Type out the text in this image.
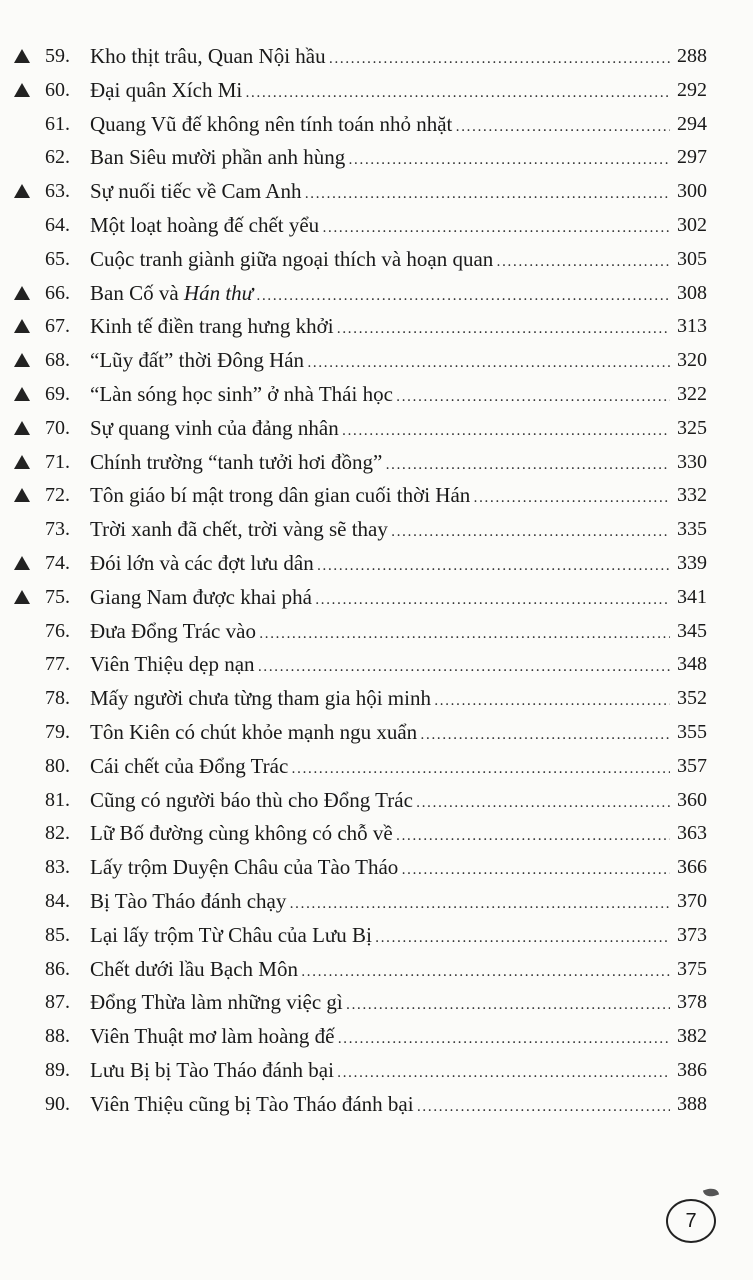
59. Kho thịt trâu, Quan Nội hầu .....	288
60. Đại quân Xích Mi .....	292
61. Quang Vũ đế không nên tính toán nhỏ nhặt .....	294
62. Ban Siêu mười phần anh hùng .....	297
63. Sự nuối tiếc về Cam Anh .....	300
64. Một loạt hoàng đế chết yểu .....	302
65. Cuộc tranh giành giữa ngoại thích và hoạn quan .....	305
66. Ban Cố và Hán thư .....	308
67. Kinh tế điền trang hưng khởi .....	313
68. “Lũy đất” thời Đông Hán .....	320
69. “Làn sóng học sinh” ở nhà Thái học .....	322
70. Sự quang vinh của đảng nhân .....	325
71. Chính trường “tanh tưởi hơi đồng” .....	330
72. Tôn giáo bí mật trong dân gian cuối thời Hán .....	332
73. Trời xanh đã chết, trời vàng sẽ thay .....	335
74. Đói lớn và các đợt lưu dân .....	339
75. Giang Nam được khai phá .....	341
76. Đưa Đổng Trác vào .....	345
77. Viên Thiệu dẹp nạn .....	348
78. Mấy người chưa từng tham gia hội minh .....	352
79. Tôn Kiên có chút khỏe mạnh ngu xuẩn .....	355
80. Cái chết của Đổng Trác .....	357
81. Cũng có người báo thù cho Đổng Trác .....	360
82. Lữ Bố đường cùng không có chỗ về .....	363
83. Lấy trộm Duyện Châu của Tào Tháo .....	366
84. Bị Tào Tháo đánh chạy .....	370
85. Lại lấy trộm Từ Châu của Lưu Bị .....	373
86. Chết dưới lầu Bạch Môn .....	375
87. Đổng Thừa làm những việc gì .....	378
88. Viên Thuật mơ làm hoàng đế .....	382
89. Lưu Bị bị Tào Tháo đánh bại .....	386
90. Viên Thiệu cũng bị Tào Tháo đánh bại .....	388
7
